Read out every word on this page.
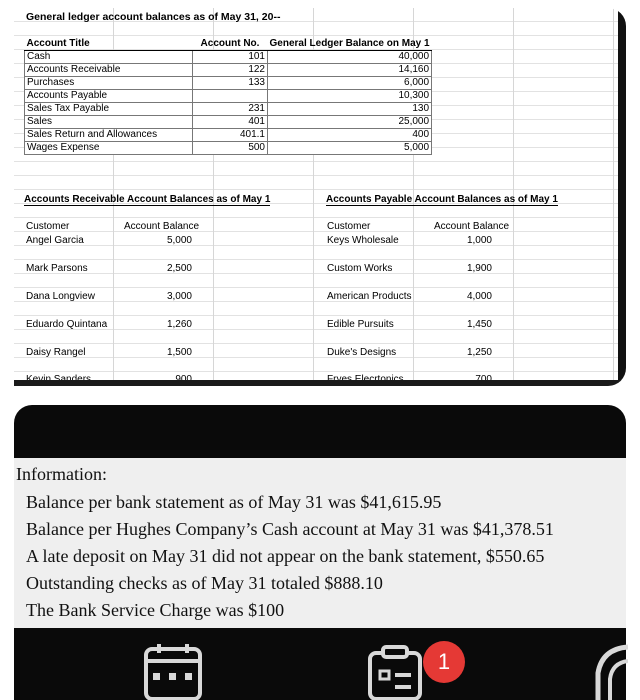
General ledger account balances as of May 31, 20--
Account Title	Account No.	General Ledger Balance on May 1
Cash	101	40,000
Accounts Receivable	122	14,160
Purchases	133	6,000
Accounts Payable		10,300
Sales Tax Payable	231	130
Sales	401	25,000
Sales Return and Allowances	401.1	400
Wages Expense	500	5,000
Accounts Receivable Account Balances as of May 1
Customer	Account Balance
Angel Garcia	5,000
Mark Parsons	2,500
Dana Longview	3,000
Eduardo Quintana	1,260
Daisy Rangel	1,500
Accounts Payable Account Balances as of May 1
Customer	Account Balance
Keys Wholesale	1,000
Custom Works	1,900
American Products	4,000
Edible Pursuits	1,450
Duke's Designs	1,250
Information:
Balance per bank statement as of May 31 was $41,615.95
Balance per Hughes Company’s Cash account at May 31 was $41,378.51
A late deposit on May 31 did not appear on the bank statement, $550.65
Outstanding checks as of May 31 totaled $888.10
The Bank Service Charge was $100
1
